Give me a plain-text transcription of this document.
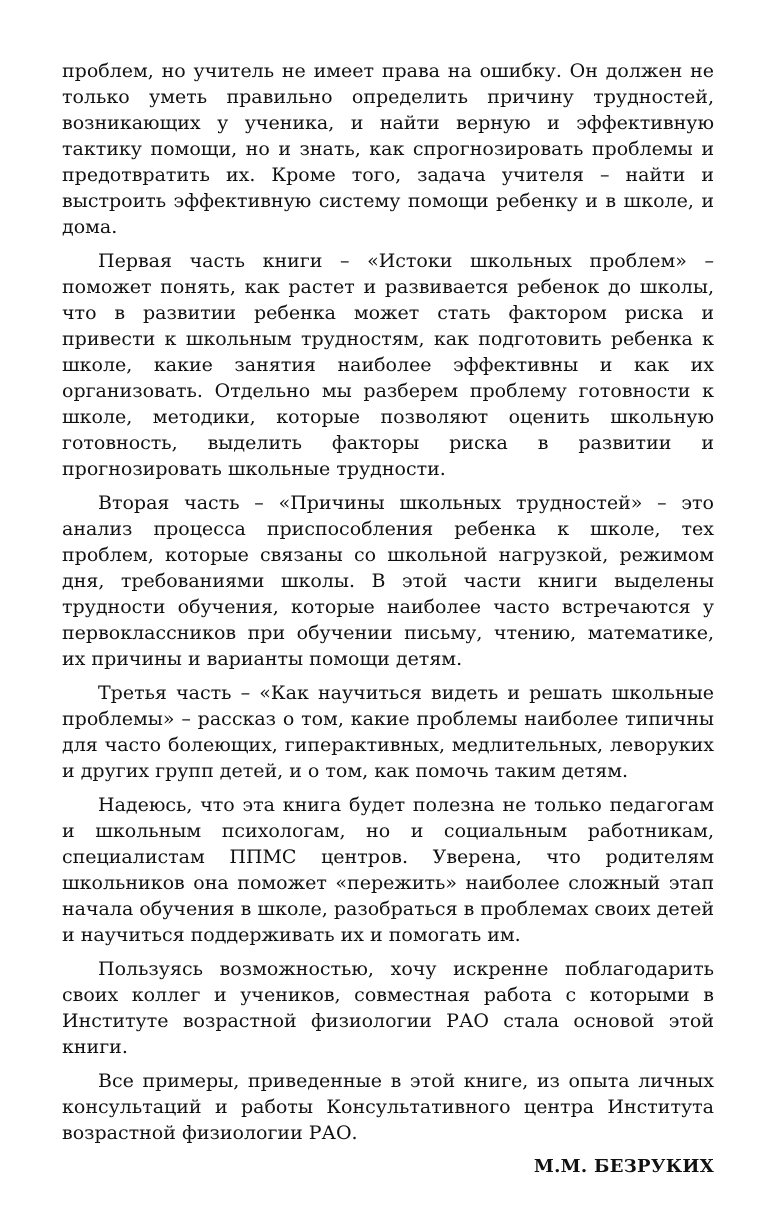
проблем, но учитель не имеет права на ошибку. Он должен не только уметь правильно определить причину трудностей, возникающих у ученика, и найти верную и эффективную тактику помощи, но и знать, как спрогнозировать проблемы и предотвратить их. Кроме того, задача учителя – найти и выстроить эффективную систему помощи ребенку и в школе, и дома.

Первая часть книги – «Истоки школьных проблем» – поможет понять, как растет и развивается ребенок до школы, что в развитии ребенка может стать фактором риска и привести к школьным трудностям, как подготовить ребенка к школе, какие занятия наиболее эффективны и как их организовать. Отдельно мы разберем проблему готовности к школе, методики, которые позволяют оценить школьную готовность, выделить факторы риска в развитии и прогнозировать школьные трудности.

Вторая часть – «Причины школьных трудностей» – это анализ процесса приспособления ребенка к школе, тех проблем, которые связаны со школьной нагрузкой, режимом дня, требованиями школы. В этой части книги выделены трудности обучения, которые наиболее часто встречаются у первоклассников при обучении письму, чтению, математике, их причины и варианты помощи детям.

Третья часть – «Как научиться видеть и решать школьные проблемы» – рассказ о том, какие проблемы наиболее типичны для часто болеющих, гиперактивных, медлительных, леворуких и других групп детей, и о том, как помочь таким детям.

Надеюсь, что эта книга будет полезна не только педагогам и школьным психологам, но и социальным работникам, специалистам ППМС центров. Уверена, что родителям школьников она поможет «пережить» наиболее сложный этап начала обучения в школе, разобраться в проблемах своих детей и научиться поддерживать их и помогать им.

Пользуясь возможностью, хочу искренне поблагодарить своих коллег и учеников, совместная работа с которыми в Институте возрастной физиологии РАО стала основой этой книги.

Все примеры, приведенные в этой книге, из опыта личных консультаций и работы Консультативного центра Института возрастной физиологии РАО.

М.М. БЕЗРУКИХ
